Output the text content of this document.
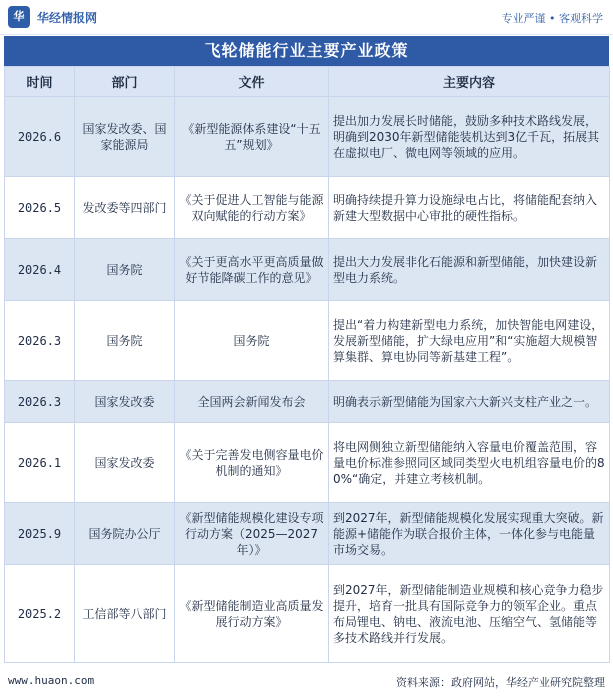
华	华经情报网	专业严谨 • 客观科学
飞轮储能行业主要产业政策
时间	部门	文件	主要内容
2026.6	国家发改委、国家能源局	《新型能源体系建设“十五五”规划》	提出加力发展长时储能，鼓励多种技术路线发展，明确到2030年新型储能装机达到3亿千瓦，拓展其在虚拟电厂、微电网等领域的应用。
2026.5	发改委等四部门	《关于促进人工智能与能源双向赋能的行动方案》	明确持续提升算力设施绿电占比，将储能配套纳入新建大型数据中心审批的硬性指标。
2026.4	国务院	《关于更高水平更高质量做好节能降碳工作的意见》	提出大力发展非化石能源和新型储能，加快建设新型电力系统。
2026.3	国务院	国务院	提出“着力构建新型电力系统，加快智能电网建设，发展新型储能，扩大绿电应用”和“实施超大规模智算集群、算电协同等新基建工程”。
2026.3	国家发改委	全国两会新闻发布会	明确表示新型储能为国家六大新兴支柱产业之一。
2026.1	国家发改委	《关于完善发电侧容量电价机制的通知》	将电网侧独立新型储能纳入容量电价覆盖范围，容量电价标准参照同区域同类型火电机组容量电价的80%“确定，并建立考核机制。
2025.9	国务院办公厅	《新型储能规模化建设专项行动方案（2025—2027年）》	到2027年，新型储能规模化发展实现重大突破。新能源+储能作为联合报价主体，一体化参与电能量市场交易。
2025.2	工信部等八部门	《新型储能制造业高质量发展行动方案》	到2027年，新型储能制造业规模和核心竞争力稳步提升，培育一批具有国际竞争力的领军企业。重点布局锂电、钠电、液流电池、压缩空气、氢储能等多技术路线并行发展。
www.huaon.com	资料来源：政府网站，华经产业研究院整理
